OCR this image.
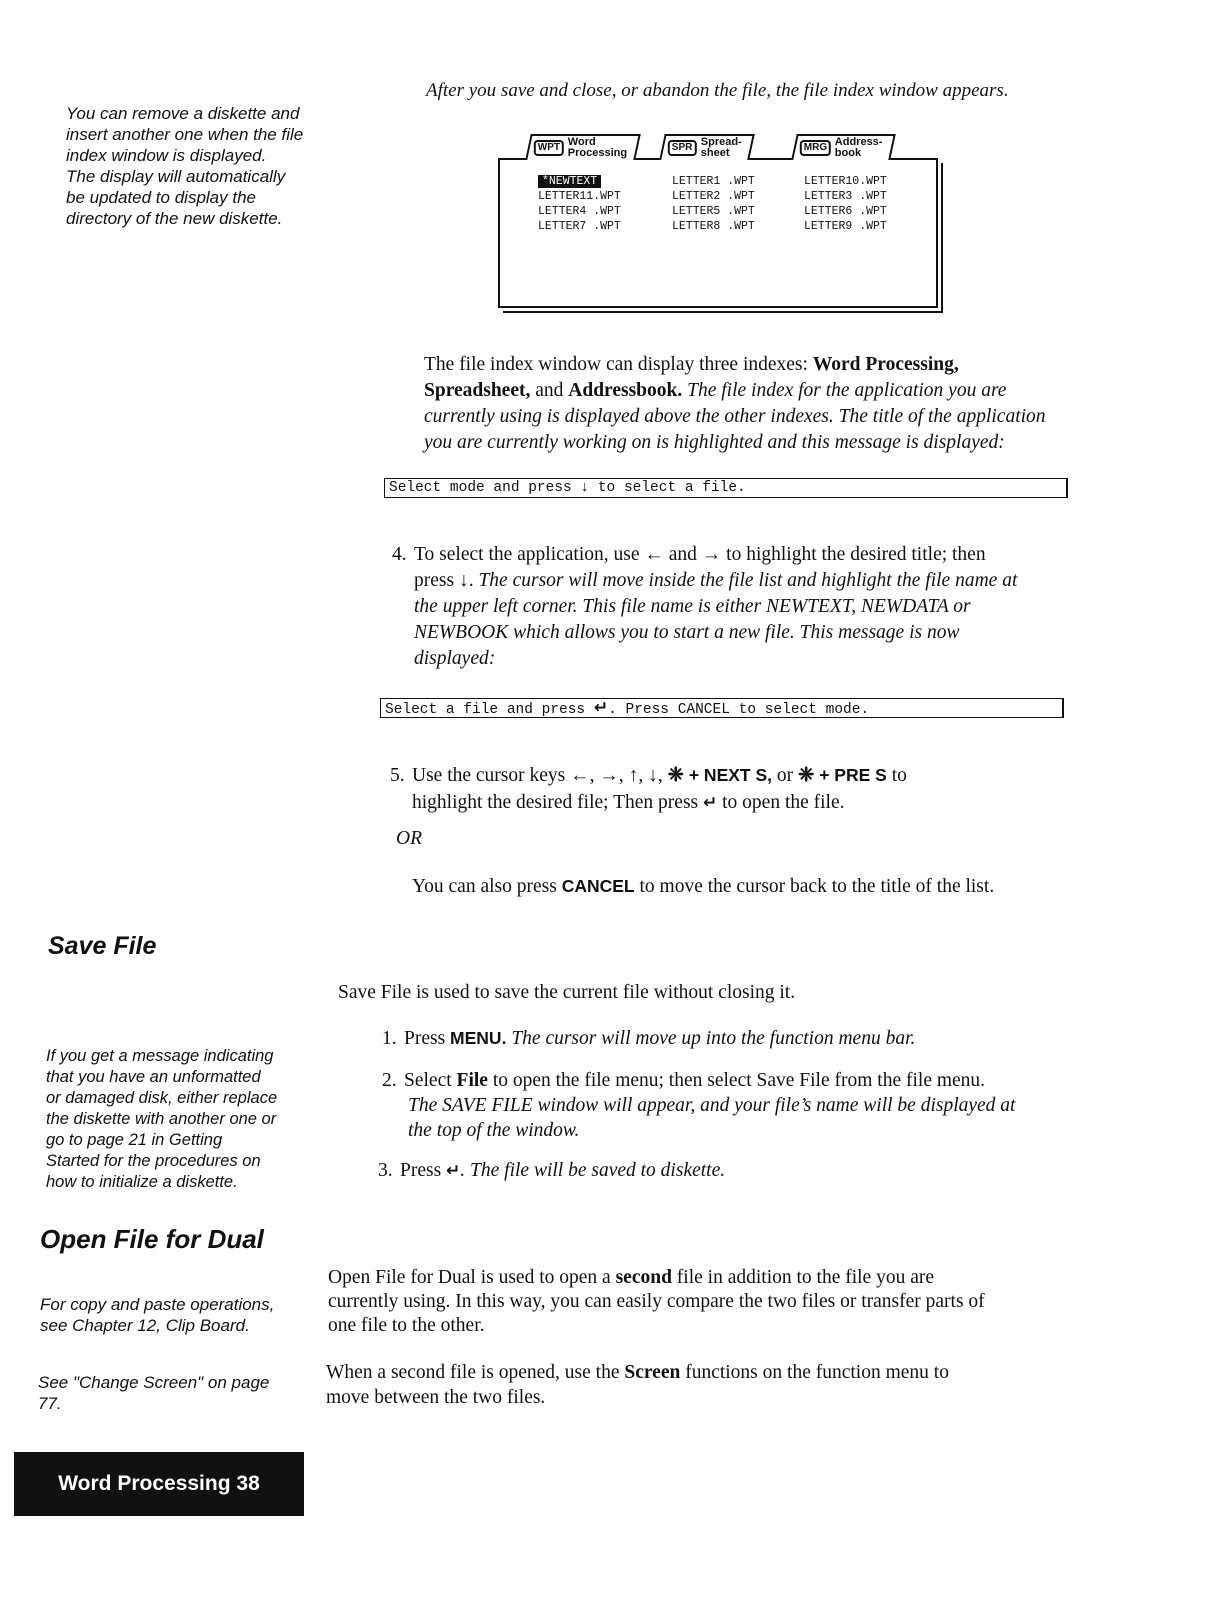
You can remove a diskette and
insert another one when the file
index window is displayed.
The display will automatically
be updated to display the
directory of the new diskette.
After you save and close, or abandon the file, the file index window appears.
WPT Word
Processing	SPR Spread-
sheet	MRG Address-
book
*NEWTEXT
LETTER11.WPT
LETTER4 .WPT
LETTER7 .WPT
LETTER1 .WPT
LETTER2 .WPT
LETTER5 .WPT
LETTER8 .WPT
LETTER10.WPT
LETTER3 .WPT
LETTER6 .WPT
LETTER9 .WPT
The file index window can display three indexes: Word Processing,
Spreadsheet, and Addressbook. The file index for the application you are
currently using is displayed above the other indexes. The title of the application
you are currently working on is highlighted and this message is displayed:
Select mode and press ↓ to select a file.
4. To select the application, use ← and → to highlight the desired title; then
press ↓. The cursor will move inside the file list and highlight the file name at
the upper left corner. This file name is either NEWTEXT, NEWDATA or
NEWBOOK which allows you to start a new file. This message is now
displayed:
Select a file and press ↵. Press CANCEL to select mode.
5. Use the cursor keys ←, →, ↑, ↓, ❈ + NEXT S, or ❈ + PRE S to
highlight the desired file; Then press ↵ to open the file.
OR
You can also press CANCEL to move the cursor back to the title of the list.
Save File
Save File is used to save the current file without closing it.
1. Press MENU. The cursor will move up into the function menu bar.
2. Select File to open the file menu; then select Save File from the file menu.
The SAVE FILE window will appear, and your file’s name will be displayed at
the top of the window.
3. Press ↵. The file will be saved to diskette.
If you get a message indicating
that you have an unformatted
or damaged disk, either replace
the diskette with another one or
go to page 21 in Getting
Started for the procedures on
how to initialize a diskette.
Open File for Dual
For copy and paste operations,
see Chapter 12, Clip Board.
See "Change Screen" on page
77.
Open File for Dual is used to open a second file in addition to the file you are
currently using. In this way, you can easily compare the two files or transfer parts of
one file to the other.
When a second file is opened, use the Screen functions on the function menu to
move between the two files.
Word Processing 38
